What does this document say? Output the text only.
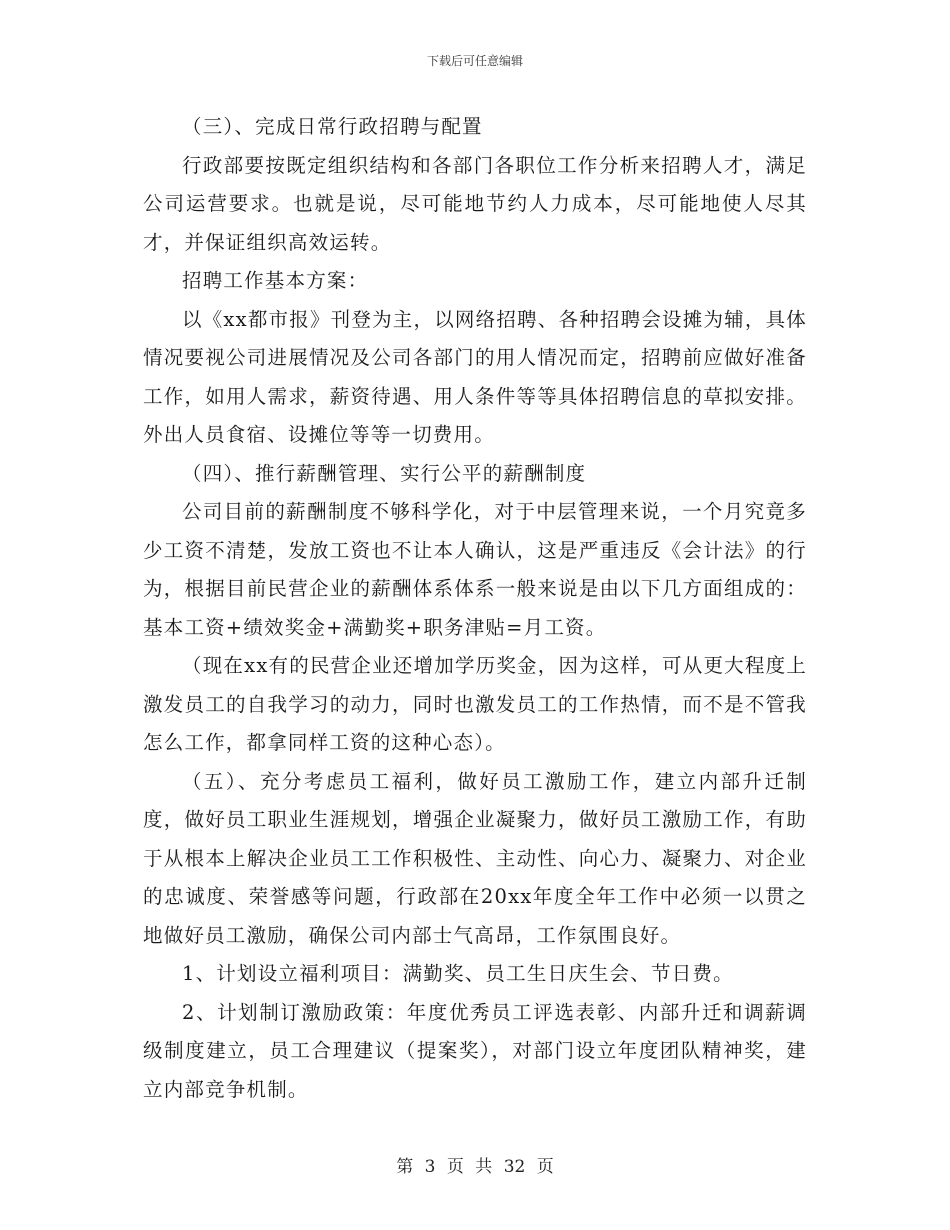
下载后可任意编辑

（三）、完成日常行政招聘与配置

行政部要按既定组织结构和各部门各职位工作分析来招聘人才，满足公司运营要求。也就是说，尽可能地节约人力成本，尽可能地使人尽其才，并保证组织高效运转。

招聘工作基本方案：

以《xx都市报》刊登为主，以网络招聘、各种招聘会设摊为辅，具体情况要视公司进展情况及公司各部门的用人情况而定，招聘前应做好准备工作，如用人需求，薪资待遇、用人条件等等具体招聘信息的草拟安排。外出人员食宿、设摊位等等一切费用。

（四）、推行薪酬管理、实行公平的薪酬制度

公司目前的薪酬制度不够科学化，对于中层管理来说，一个月究竟多少工资不清楚，发放工资也不让本人确认，这是严重违反《会计法》的行为，根据目前民营企业的薪酬体系体系一般来说是由以下几方面组成的：基本工资+绩效奖金+满勤奖+职务津贴=月工资。

（现在xx有的民营企业还增加学历奖金，因为这样，可从更大程度上激发员工的自我学习的动力，同时也激发员工的工作热情，而不是不管我怎么工作，都拿同样工资的这种心态）。

（五）、充分考虑员工福利，做好员工激励工作，建立内部升迁制度，做好员工职业生涯规划，增强企业凝聚力，做好员工激励工作，有助于从根本上解决企业员工工作积极性、主动性、向心力、凝聚力、对企业的忠诚度、荣誉感等问题，行政部在20xx年度全年工作中必须一以贯之地做好员工激励，确保公司内部士气高昂，工作氛围良好。

1、计划设立福利项目：满勤奖、员工生日庆生会、节日费。

2、计划制订激励政策：年度优秀员工评选表彰、内部升迁和调薪调级制度建立，员工合理建议（提案奖），对部门设立年度团队精神奖，建立内部竞争机制。

第 3 页 共 32 页
